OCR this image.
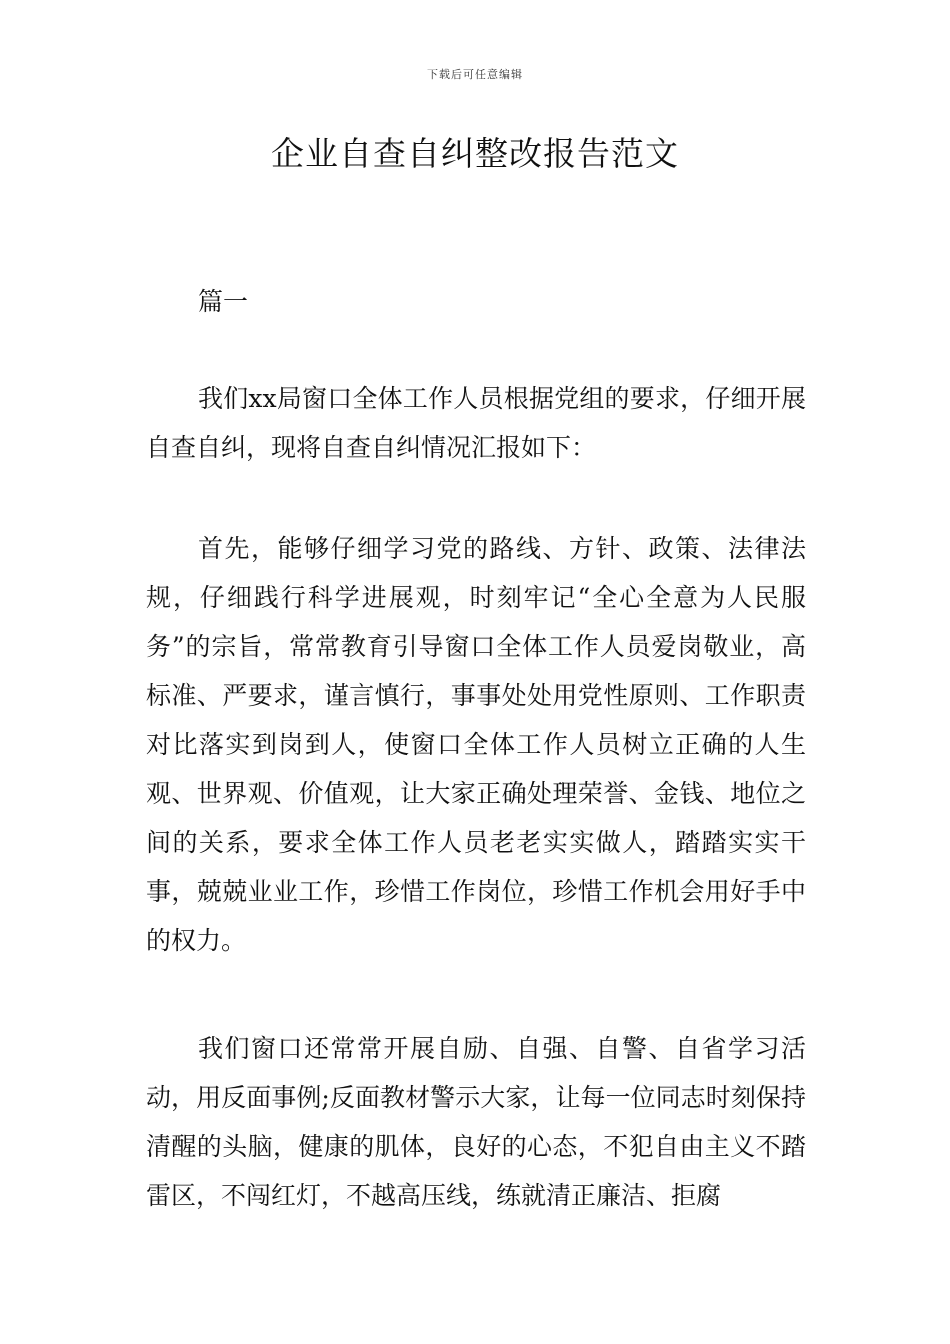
下载后可任意编辑
企业自查自纠整改报告范文

篇一

我们xx局窗口全体工作人员根据党组的要求，仔细开展自查自纠，现将自查自纠情况汇报如下：

首先，能够仔细学习党的路线、方针、政策、法律法规，仔细践行科学进展观，时刻牢记“全心全意为人民服务”的宗旨，常常教育引导窗口全体工作人员爱岗敬业，高标准、严要求，谨言慎行，事事处处用党性原则、工作职责对比落实到岗到人，使窗口全体工作人员树立正确的人生观、世界观、价值观，让大家正确处理荣誉、金钱、地位之间的关系，要求全体工作人员老老实实做人，踏踏实实干事，兢兢业业工作，珍惜工作岗位，珍惜工作机会用好手中的权力。

我们窗口还常常开展自励、自强、自警、自省学习活动，用反面事例;反面教材警示大家，让每一位同志时刻保持清醒的头脑，健康的肌体，良好的心态，不犯自由主义不踏雷区，不闯红灯，不越高压线，练就清正廉洁、拒腐
